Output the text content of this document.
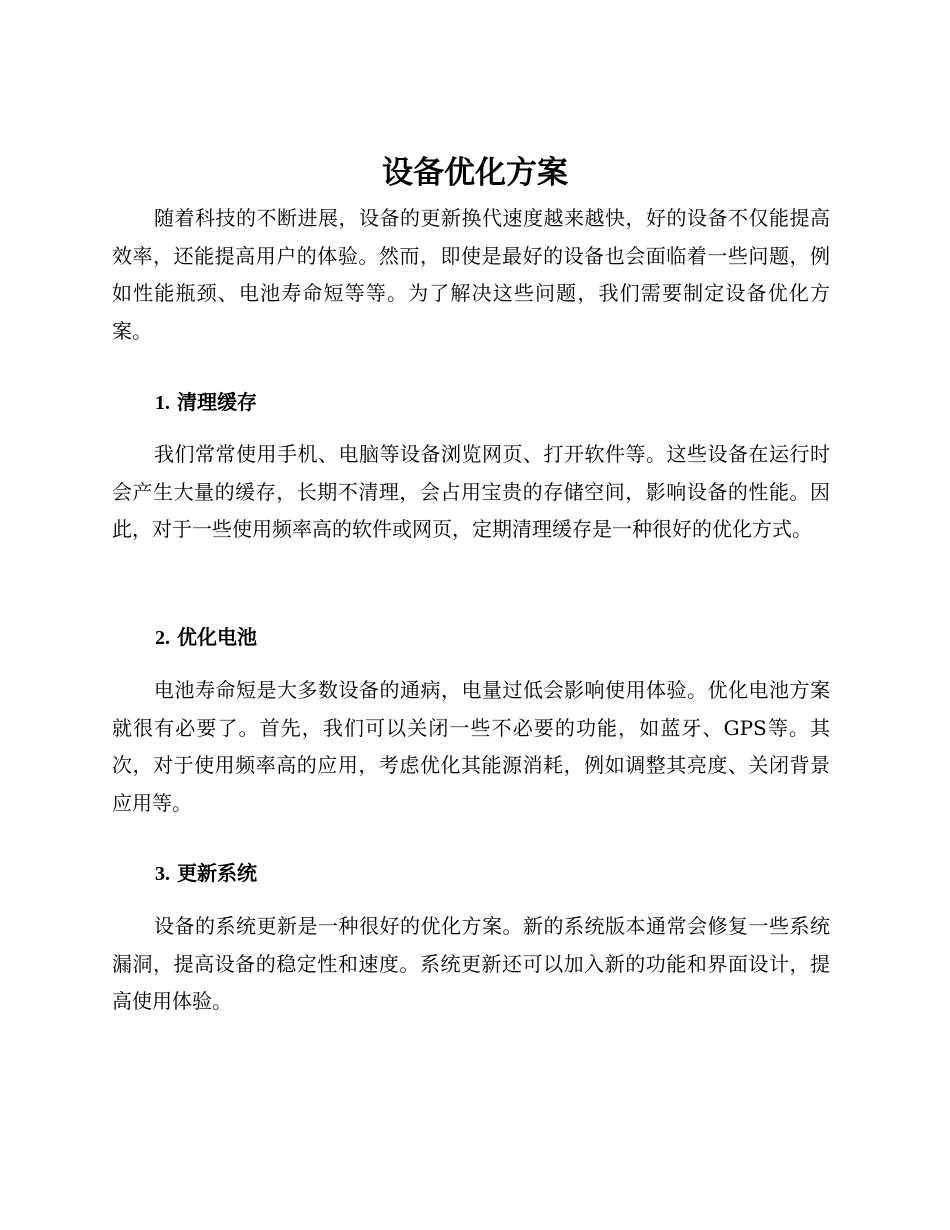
设备优化方案

随着科技的不断进展，设备的更新换代速度越来越快，好的设备不仅能提高效率，还能提高用户的体验。然而，即使是最好的设备也会面临着一些问题，例如性能瓶颈、电池寿命短等等。为了解决这些问题，我们需要制定设备优化方案。

1. 清理缓存

我们常常使用手机、电脑等设备浏览网页、打开软件等。这些设备在运行时会产生大量的缓存，长期不清理，会占用宝贵的存储空间，影响设备的性能。因此，对于一些使用频率高的软件或网页，定期清理缓存是一种很好的优化方式。

2. 优化电池

电池寿命短是大多数设备的通病，电量过低会影响使用体验。优化电池方案就很有必要了。首先，我们可以关闭一些不必要的功能，如蓝牙、GPS等。其次，对于使用频率高的应用，考虑优化其能源消耗，例如调整其亮度、关闭背景应用等。

3. 更新系统

设备的系统更新是一种很好的优化方案。新的系统版本通常会修复一些系统漏洞，提高设备的稳定性和速度。系统更新还可以加入新的功能和界面设计，提高使用体验。
